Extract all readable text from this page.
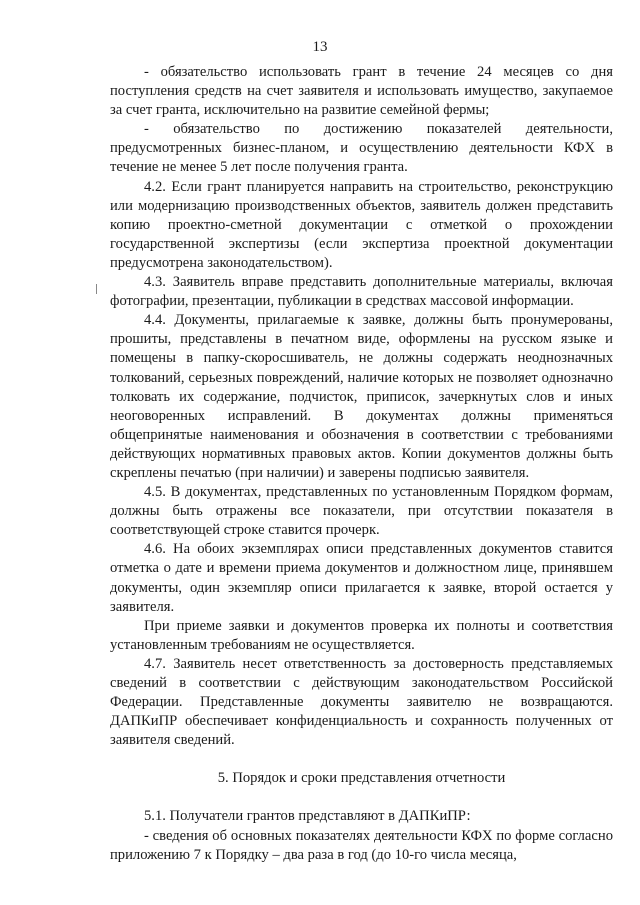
13

- обязательство использовать грант в течение 24 месяцев со дня поступления средств на счет заявителя и использовать имущество, закупаемое за счет гранта, исключительно на развитие семейной фермы;

- обязательство по достижению показателей деятельности, предусмотренных бизнес-планом, и осуществлению деятельности КФХ в течение не менее 5 лет после получения гранта.

4.2. Если грант планируется направить на строительство, реконструкцию или модернизацию производственных объектов, заявитель должен представить копию проектно-сметной документации с отметкой о прохождении государственной экспертизы (если экспертиза проектной документации предусмотрена законодательством).

4.3. Заявитель вправе представить дополнительные материалы, включая фотографии, презентации, публикации в средствах массовой информации.

4.4. Документы, прилагаемые к заявке, должны быть пронумерованы, прошиты, представлены в печатном виде, оформлены на русском языке и помещены в папку-скоросшиватель, не должны содержать неоднозначных толкований, серьезных повреждений, наличие которых не позволяет однозначно толковать их содержание, подчисток, приписок, зачеркнутых слов и иных неоговоренных исправлений. В документах должны применяться общепринятые наименования и обозначения в соответствии с требованиями действующих нормативных правовых актов. Копии документов должны быть скреплены печатью (при наличии) и заверены подписью заявителя.

4.5. В документах, представленных по установленным Порядком формам, должны быть отражены все показатели, при отсутствии показателя в соответствующей строке ставится прочерк.

4.6. На обоих экземплярах описи представленных документов ставится отметка о дате и времени приема документов и должностном лице, принявшем документы, один экземпляр описи прилагается к заявке, второй остается у заявителя.

При приеме заявки и документов проверка их полноты и соответствия установленным требованиям не осуществляется.

4.7. Заявитель несет ответственность за достоверность представляемых сведений в соответствии с действующим законодательством Российской Федерации. Представленные документы заявителю не возвращаются. ДАПКиПР обеспечивает конфиденциальность и сохранность полученных от заявителя сведений.

5. Порядок и сроки представления отчетности

5.1. Получатели грантов представляют в ДАПКиПР:

- сведения об основных показателях деятельности КФХ по форме согласно приложению 7 к Порядку – два раза в год (до 10-го числа месяца,
